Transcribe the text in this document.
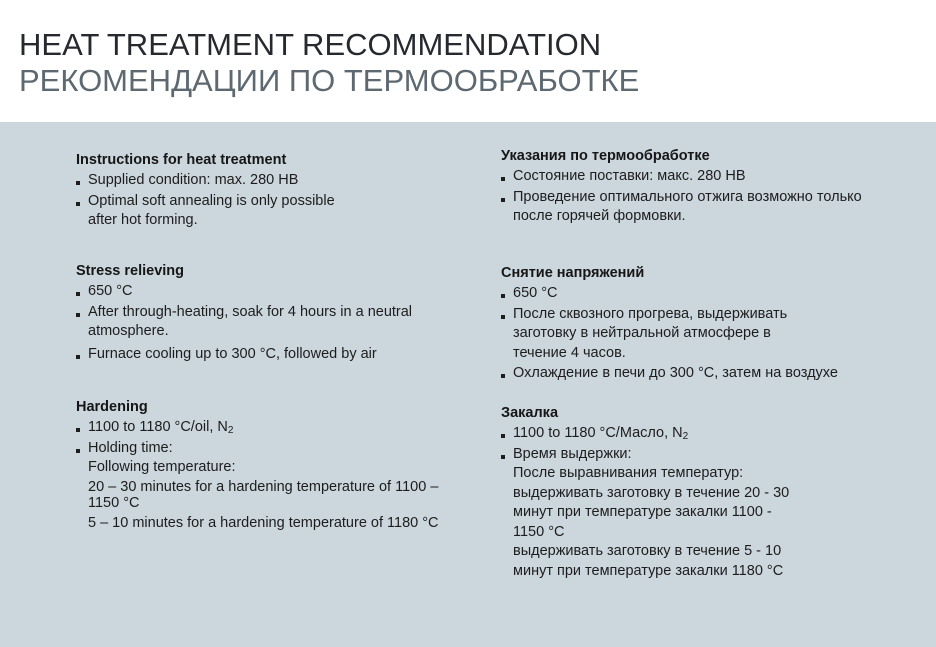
HEAT TREATMENT RECOMMENDATION
РЕКОМЕНДАЦИИ ПО ТЕРМООБРАБОТКЕ
Instructions for heat treatment
Supplied condition: max. 280 HB
Optimal soft annealing is only possible
after hot forming.
Stress relieving
650 °C
After through-heating, soak for 4 hours in a neutral
atmosphere.
Furnace cooling up to 300 °C, followed by air
Hardening
1100 to 1180 °C/oil, $N_2$
Holding time:
Following temperature:
20 – 30 minutes for a hardening temperature of 1100 –
1150 °C
5 – 10 minutes for a hardening temperature of 1180 °C
Указания по термообработке
Состояние поставки: макс. 280 HB
Проведение оптимального отжига возможно только
после горячей формовки.
Снятие напряжений
650 °C
После сквозного прогрева, выдерживать
заготовку в нейтральной атмосфере в
течение 4 часов.
Охлаждение в печи до 300 °C, затем на воздухе
Закалка
1100 to 1180 °C/Масло, $N_2$
Время выдержки:
После выравнивания температур:
выдерживать заготовку в течение 20 - 30
минут при температуре закалки 1100 -
1150 °C
выдерживать заготовку в течение 5 - 10
минут при температуре закалки 1180 °C
